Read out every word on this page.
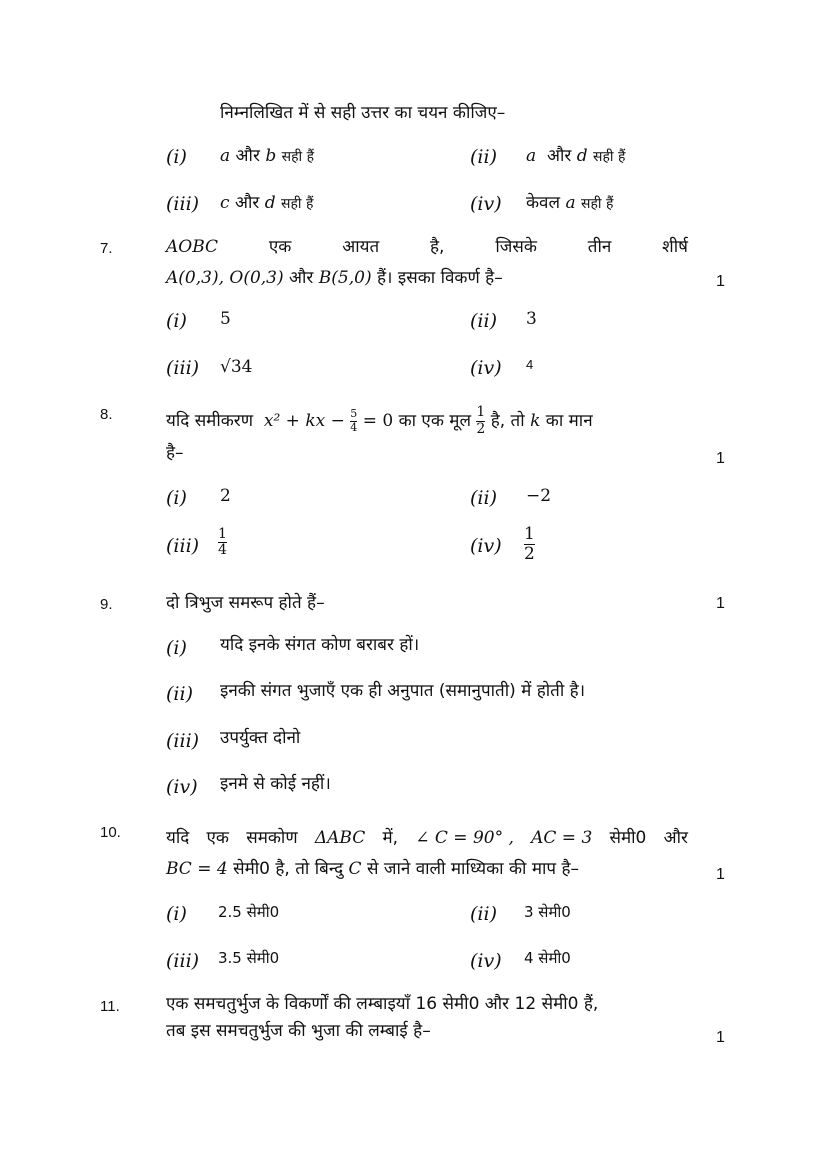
निम्नलिखित में से सही उत्तर का चयन कीजिए–
(i) a और b सही हैं	(ii) a और d सही हैं
(iii) c और d सही हैं	(iv) केवल a सही हैं
7.	AOBC	एक	आयत	है,	जिसके	तीन	शीर्ष
A(0,3), O(0,3) और B(5,0) हैं। इसका विकर्ण है–	1
(i) 5	(ii) 3
(iii) √34	(iv) 4
8.	यदि समीकरण x² + kx − $\frac{5}{4} = 0$ का एक मूल $\frac{1}{2}$ है, तो k का मान
है–	1
(i) 2	(ii) −2
$(iii) \frac{1}{4}$	$(iv) \frac{1}{2}$
9.	दो त्रिभुज समरूप होते हैं–	1
(i) यदि इनके संगत कोण बराबर हों।
(ii) इनकी संगत भुजाएँ एक ही अनुपात (समानुपाती) में होती है।
(iii) उपर्युक्त दोनो
(iv) इनमे से कोई नहीं।
10.	यदि एक समकोण ΔABC में, ∠ C = 90° , AC = 3 सेमी0 और
BC = 4 सेमी0 है, तो बिन्दु C से जाने वाली माध्यिका की माप है–	1
(i) 2.5 सेमी0	(ii) 3 सेमी0
(iii) 3.5 सेमी0	(iv) 4 सेमी0
11.	एक समचतुर्भुज के विकर्णों की लम्बाइयाँ 16 सेमी0 और 12 सेमी0 हैं,
तब इस समचतुर्भुज की भुजा की लम्बाई है–	1
